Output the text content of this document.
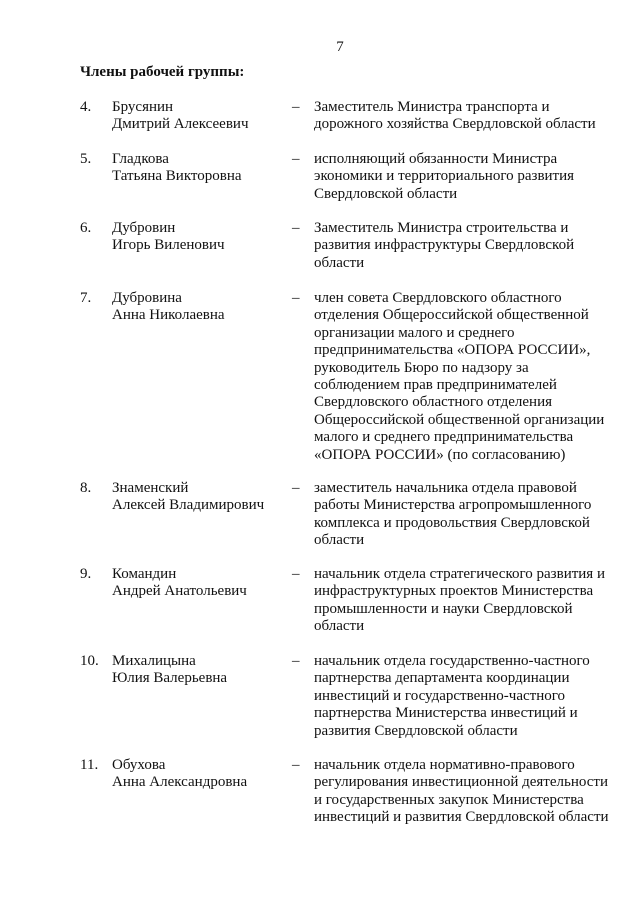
7
Члены рабочей группы:
4. Брусянин
Дмитрий Алексеевич
– Заместитель Министра транспорта и
дорожного хозяйства Свердловской области
5. Гладкова
Татьяна Викторовна
– исполняющий обязанности Министра
экономики и территориального развития
Свердловской области
6. Дубровин
Игорь Виленович
– Заместитель Министра строительства и
развития инфраструктуры Свердловской
области
7. Дубровина
Анна Николаевна
– член совета Свердловского областного
отделения Общероссийской общественной
организации малого и среднего
предпринимательства «ОПОРА РОССИИ»,
руководитель Бюро по надзору за
соблюдением прав предпринимателей
Свердловского областного отделения
Общероссийской общественной организации
малого и среднего предпринимательства
«ОПОРА РОССИИ» (по согласованию)
8. Знаменский
Алексей Владимирович
– заместитель начальника отдела правовой
работы Министерства агропромышленного
комплекса и продовольствия Свердловской
области
9. Командин
Андрей Анатольевич
– начальник отдела стратегического развития и
инфраструктурных проектов Министерства
промышленности и науки Свердловской
области
10. Михалицына
Юлия Валерьевна
– начальник отдела государственно-частного
партнерства департамента координации
инвестиций и государственно-частного
партнерства Министерства инвестиций и
развития Свердловской области
11. Обухова
Анна Александровна
– начальник отдела нормативно-правового
регулирования инвестиционной деятельности
и государственных закупок Министерства
инвестиций и развития Свердловской области
